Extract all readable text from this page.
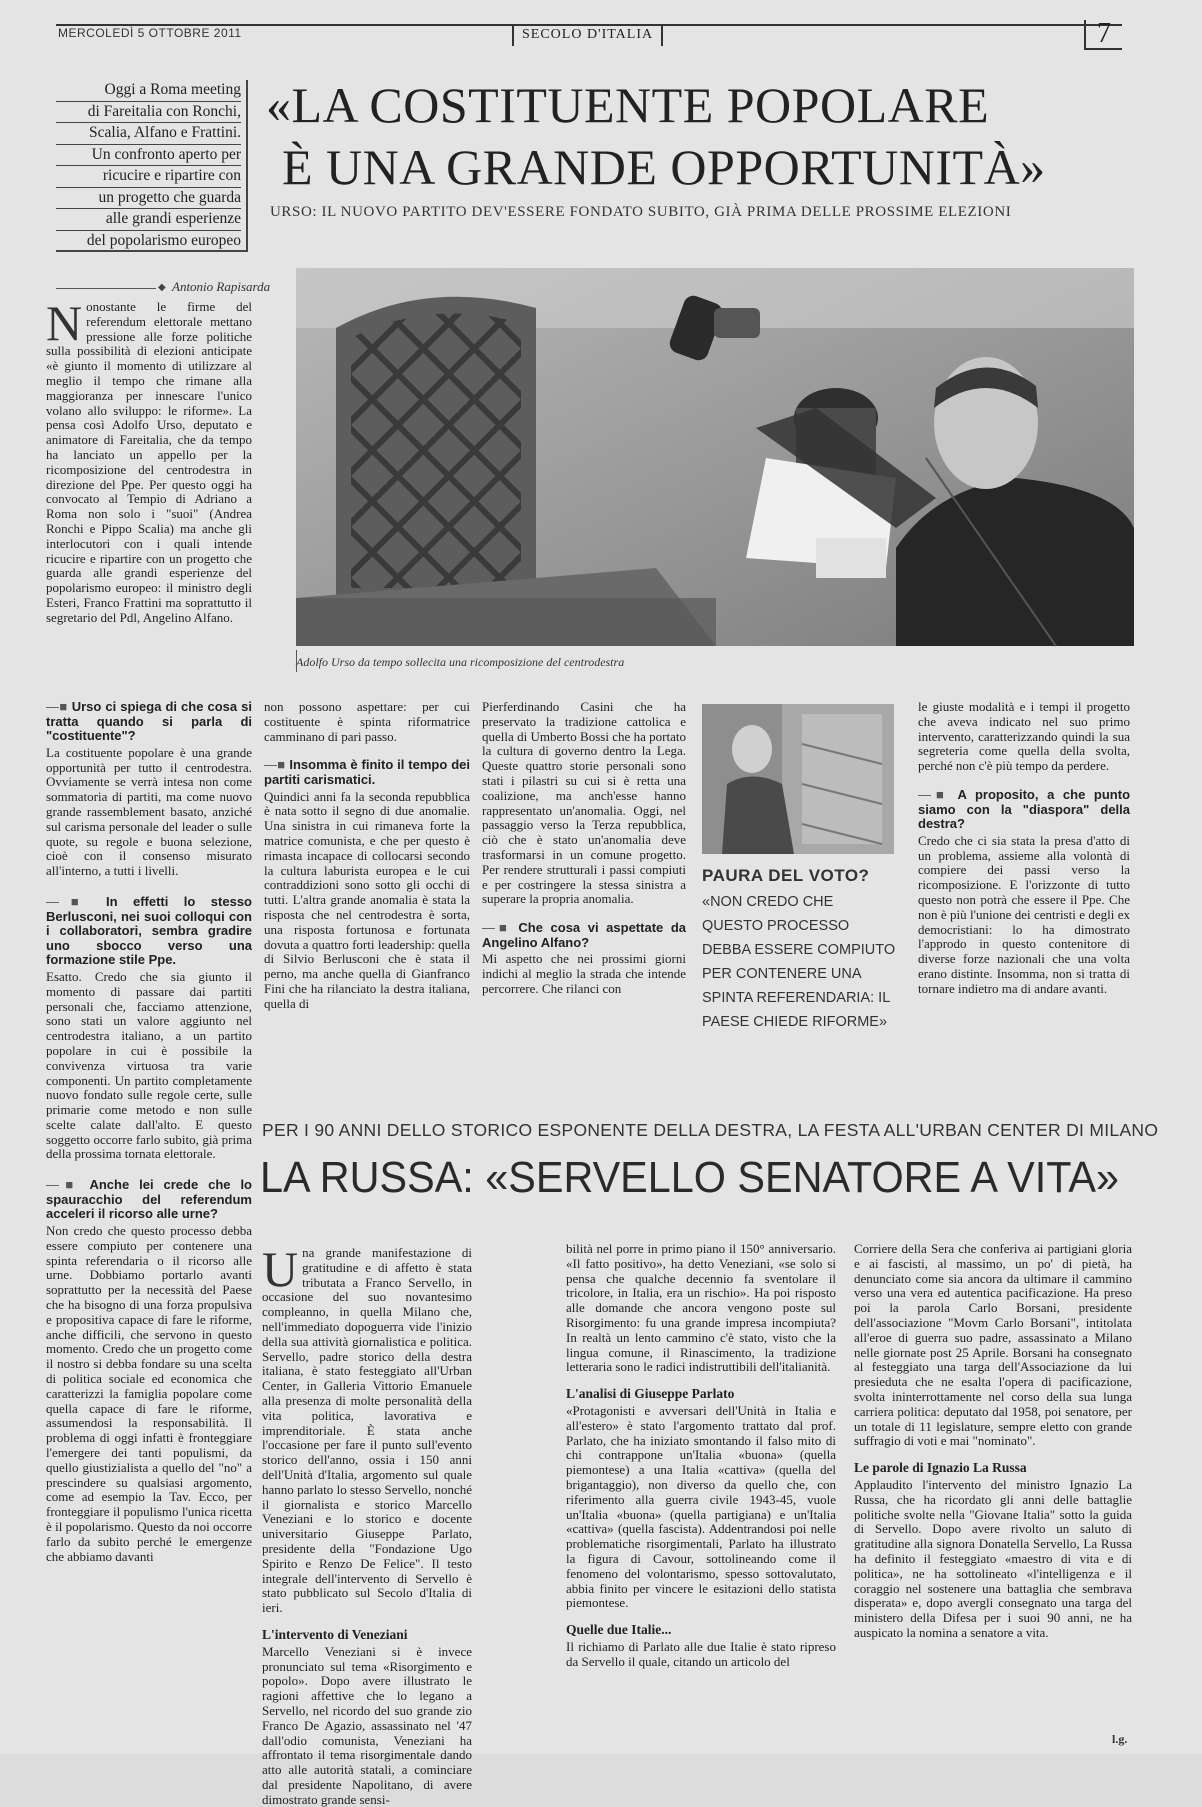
MERCOLEDÌ 5 OTTOBRE 2011	SECOLO D'ITALIA	7
Oggi a Roma meeting
di Fareitalia con Ronchi,
Scalia, Alfano e Frattini.
Un confronto aperto per
ricucire e ripartire con
un progetto che guarda
alle grandi esperienze
del popolarismo europeo
«LA COSTITUENTE POPOLARE
È UNA GRANDE OPPORTUNITÀ»
URSO: IL NUOVO PARTITO DEV'ESSERE FONDATO SUBITO, GIÀ PRIMA DELLE PROSSIME ELEZIONI
◆ Antonio Rapisarda
Adolfo Urso da tempo sollecita una ricomposizione del centrodestra
Nonostante le firme del referendum elettorale mettano pressione alle forze politiche sulla possibilità di elezioni anticipate «è giunto il momento di utilizzare al meglio il tempo che rimane alla maggioranza per innescare l'unico volano allo sviluppo: le riforme». La pensa così Adolfo Urso, deputato e animatore di Fareitalia, che da tempo ha lanciato un appello per la ricomposizione del centrodestra in direzione del Ppe. Per questo oggi ha convocato al Tempio di Adriano a Roma non solo i "suoi" (Andrea Ronchi e Pippo Scalia) ma anche gli interlocutori con i quali intende ricucire e ripartire con un progetto che guarda alle grandi esperienze del popolarismo europeo: il ministro degli Esteri, Franco Frattini ma soprattutto il segretario del Pdl, Angelino Alfano.
—■ Urso ci spiega di che cosa si tratta quando si parla di "costituente"?
La costituente popolare è una grande opportunità per tutto il centrodestra. Ovviamente se verrà intesa non come sommatoria di partiti, ma come nuovo grande rassemblement basato, anziché sul carisma personale del leader o sulle quote, su regole e buona selezione, cioè con il consenso misurato all'interno, a tutti i livelli.
—■ In effetti lo stesso Berlusconi, nei suoi colloqui con i collaboratori, sembra gradire uno sbocco verso una formazione stile Ppe.
Esatto. Credo che sia giunto il momento di passare dai partiti personali che, facciamo attenzione, sono stati un valore aggiunto nel centrodestra italiano, a un partito popolare in cui è possibile la convivenza virtuosa tra varie componenti. Un partito completamente nuovo fondato sulle regole certe, sulle primarie come metodo e non sulle scelte calate dall'alto. E questo soggetto occorre farlo subito, già prima della prossima tornata elettorale.
—■ Anche lei crede che lo spauracchio del referendum acceleri il ricorso alle urne?
Non credo che questo processo debba essere compiuto per contenere una spinta referendaria o il ricorso alle urne. Dobbiamo portarlo avanti soprattutto per la necessità del Paese che ha bisogno di una forza propulsiva e propositiva capace di fare le riforme, anche difficili, che servono in questo momento. Credo che un progetto come il nostro si debba fondare su una scelta di politica sociale ed economica che caratterizzi la famiglia popolare come quella capace di fare le riforme, assumendosi la responsabilità. Il problema di oggi infatti è fronteggiare l'emergere dei tanti populismi, da quello giustizialista a quello del "no" a prescindere su qualsiasi argomento, come ad esempio la Tav. Ecco, per fronteggiare il populismo l'unica ricetta è il popolarismo. Questo da noi occorre farlo da subito perché le emergenze che abbiamo davanti
non possono aspettare: per cui costituente è spinta riformatrice camminano di pari passo.
—■ Insomma è finito il tempo dei partiti carismatici.
Quindici anni fa la seconda repubblica è nata sotto il segno di due anomalie. Una sinistra in cui rimaneva forte la matrice comunista, e che per questo è rimasta incapace di collocarsi secondo la cultura laburista europea e le cui contraddizioni sono sotto gli occhi di tutti. L'altra grande anomalia è stata la risposta che nel centrodestra è sorta, una risposta fortunosa e fortunata dovuta a quattro forti leadership: quella di Silvio Berlusconi che è stata il perno, ma anche quella di Gianfranco Fini che ha rilanciato la destra italiana, quella di
Pierferdinando Casini che ha preservato la tradizione cattolica e quella di Umberto Bossi che ha portato la cultura di governo dentro la Lega. Queste quattro storie personali sono stati i pilastri su cui si è retta una coalizione, ma anch'esse hanno rappresentato un'anomalia. Oggi, nel passaggio verso la Terza repubblica, ciò che è stato un'anomalia deve trasformarsi in un comune progetto. Per rendere strutturali i passi compiuti e per costringere la stessa sinistra a superare la propria anomalia.
—■ Che cosa vi aspettate da Angelino Alfano?
Mi aspetto che nei prossimi giorni indichi al meglio la strada che intende percorrere. Che rilanci con
PAURA DEL VOTO?
«NON CREDO CHE QUESTO PROCESSO DEBBA ESSERE COMPIUTO PER CONTENERE UNA SPINTA REFERENDARIA: IL PAESE CHIEDE RIFORME»
le giuste modalità e i tempi il progetto che aveva indicato nel suo primo intervento, caratterizzando quindi la sua segreteria come quella della svolta, perché non c'è più tempo da perdere.
—■ A proposito, a che punto siamo con la "diaspora" della destra?
Credo che ci sia stata la presa d'atto di un problema, assieme alla volontà di compiere dei passi verso la ricomposizione. E l'orizzonte di tutto questo non potrà che essere il Ppe. Che non è più l'unione dei centristi e degli ex democristiani: lo ha dimostrato l'approdo in questo contenitore di diverse forze nazionali che una volta erano distinte. Insomma, non si tratta di tornare indietro ma di andare avanti.
PER I 90 ANNI DELLO STORICO ESPONENTE DELLA DESTRA, LA FESTA ALL'URBAN CENTER DI MILANO
LA RUSSA: «SERVELLO SENATORE A VITA»
Una grande manifestazione di gratitudine e di affetto è stata tributata a Franco Servello, in occasione del suo novantesimo compleanno, in quella Milano che, nell'immediato dopoguerra vide l'inizio della sua attività giornalistica e politica. Servello, padre storico della destra italiana, è stato festeggiato all'Urban Center, in Galleria Vittorio Emanuele alla presenza di molte personalità della vita politica, lavorativa e imprenditoriale. È stata anche l'occasione per fare il punto sull'evento storico dell'anno, ossia i 150 anni dell'Unità d'Italia, argomento sul quale hanno parlato lo stesso Servello, nonché il giornalista e storico Marcello Veneziani e lo storico e docente universitario Giuseppe Parlato, presidente della "Fondazione Ugo Spirito e Renzo De Felice". Il testo integrale dell'intervento di Servello è stato pubblicato sul Secolo d'Italia di ieri.
L'intervento di Veneziani
Marcello Veneziani si è invece pronunciato sul tema «Risorgimento e popolo». Dopo avere illustrato le ragioni affettive che lo legano a Servello, nel ricordo del suo grande zio Franco De Agazio, assassinato nel '47 dall'odio comunista, Veneziani ha affrontato il tema risorgimentale dando atto alle autorità statali, a cominciare dal presidente Napolitano, di avere dimostrato grande sensi-
bilità nel porre in primo piano il 150° anniversario. «Il fatto positivo», ha detto Veneziani, «se solo si pensa che qualche decennio fa sventolare il tricolore, in Italia, era un rischio». Ha poi risposto alle domande che ancora vengono poste sul Risorgimento: fu una grande impresa incompiuta? In realtà un lento cammino c'è stato, visto che la lingua comune, il Rinascimento, la tradizione letteraria sono le radici indistruttibili dell'italianità.
L'analisi di Giuseppe Parlato
«Protagonisti e avversari dell'Unità in Italia e all'estero» è stato l'argomento trattato dal prof. Parlato, che ha iniziato smontando il falso mito di chi contrappone un'Italia «buona» (quella piemontese) a una Italia «cattiva» (quella del brigantaggio), non diverso da quello che, con riferimento alla guerra civile 1943-45, vuole un'Italia «buona» (quella partigiana) e un'Italia «cattiva» (quella fascista). Addentrandosi poi nelle problematiche risorgimentali, Parlato ha illustrato la figura di Cavour, sottolineando come il fenomeno del volontarismo, spesso sottovalutato, abbia finito per vincere le esitazioni dello statista piemontese.
Quelle due Italie...
Il richiamo di Parlato alle due Italie è stato ripreso da Servello il quale, citando un articolo del
Corriere della Sera che conferiva ai partigiani gloria e ai fascisti, al massimo, un po' di pietà, ha denunciato come sia ancora da ultimare il cammino verso una vera ed autentica pacificazione. Ha preso poi la parola Carlo Borsani, presidente dell'associazione "Movm Carlo Borsani", intitolata all'eroe di guerra suo padre, assassinato a Milano nelle giornate post 25 Aprile. Borsani ha consegnato al festeggiato una targa dell'Associazione da lui presieduta che ne esalta l'opera di pacificazione, svolta ininterrottamente nel corso della sua lunga carriera politica: deputato dal 1958, poi senatore, per un totale di 11 legislature, sempre eletto con grande suffragio di voti e mai "nominato".
Le parole di Ignazio La Russa
Applaudito l'intervento del ministro Ignazio La Russa, che ha ricordato gli anni delle battaglie politiche svolte nella "Giovane Italia" sotto la guida di Servello. Dopo avere rivolto un saluto di gratitudine alla signora Donatella Servello, La Russa ha definito il festeggiato «maestro di vita e di politica», ne ha sottolineato «l'intelligenza e il coraggio nel sostenere una battaglia che sembrava disperata» e, dopo avergli consegnato una targa del ministero della Difesa per i suoi 90 anni, ne ha auspicato la nomina a senatore a vita.
l.g.
